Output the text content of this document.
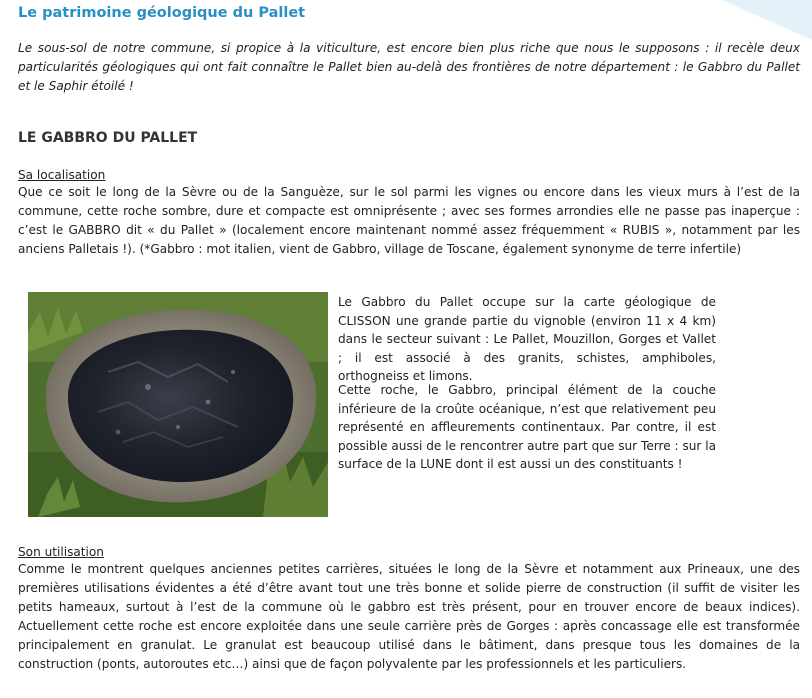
Le patrimoine géologique du Pallet

Le sous-sol de notre commune, si propice à la viticulture, est encore bien plus riche que nous le supposons : il recèle deux particularités géologiques qui ont fait connaître le Pallet bien au-delà des frontières de notre département : le Gabbro du Pallet et le Saphir étoilé !

LE GABBRO DU PALLET

Sa localisation

Que ce soit le long de la Sèvre ou de la Sanguèze, sur le sol parmi les vignes ou encore dans les vieux murs à l’est de la commune, cette roche sombre, dure et compacte est omniprésente ; avec ses formes arrondies elle ne passe pas inaperçue : c’est le GABBRO dit « du Pallet » (localement encore maintenant nommé assez fréquemment « RUBIS », notamment par les anciens Palletais !). (*Gabbro : mot italien, vient de Gabbro, village de Toscane, également synonyme de terre infertile)

Le Gabbro du Pallet occupe sur la carte géologique de CLISSON une grande partie du vignoble (environ 11 x 4 km) dans le secteur suivant : Le Pallet, Mouzillon, Gorges et Vallet ; il est associé à des granits, schistes, amphiboles, orthogneiss et limons.

Cette roche, le Gabbro, principal élément de la couche inférieure de la croûte océanique, n’est que relativement peu représenté en affleurements continentaux. Par contre, il est possible aussi de le rencontrer autre part que sur Terre : sur la surface de la LUNE dont il est aussi un des constituants !

Son utilisation

Comme le montrent quelques anciennes petites carrières, situées le long de la Sèvre et notamment aux Prineaux, une des premières utilisations évidentes a été d’être avant tout une très bonne et solide pierre de construction (il suffit de visiter les petits hameaux, surtout à l’est de la commune où le gabbro est très présent, pour en trouver encore de beaux indices). Actuellement cette roche est encore exploitée dans une seule carrière près de Gorges : après concassage elle est transformée principalement en granulat. Le granulat est beaucoup utilisé dans le bâtiment, dans presque tous les domaines de la construction (ponts, autoroutes etc…) ainsi que de façon polyvalente par les professionnels et les particuliers.
